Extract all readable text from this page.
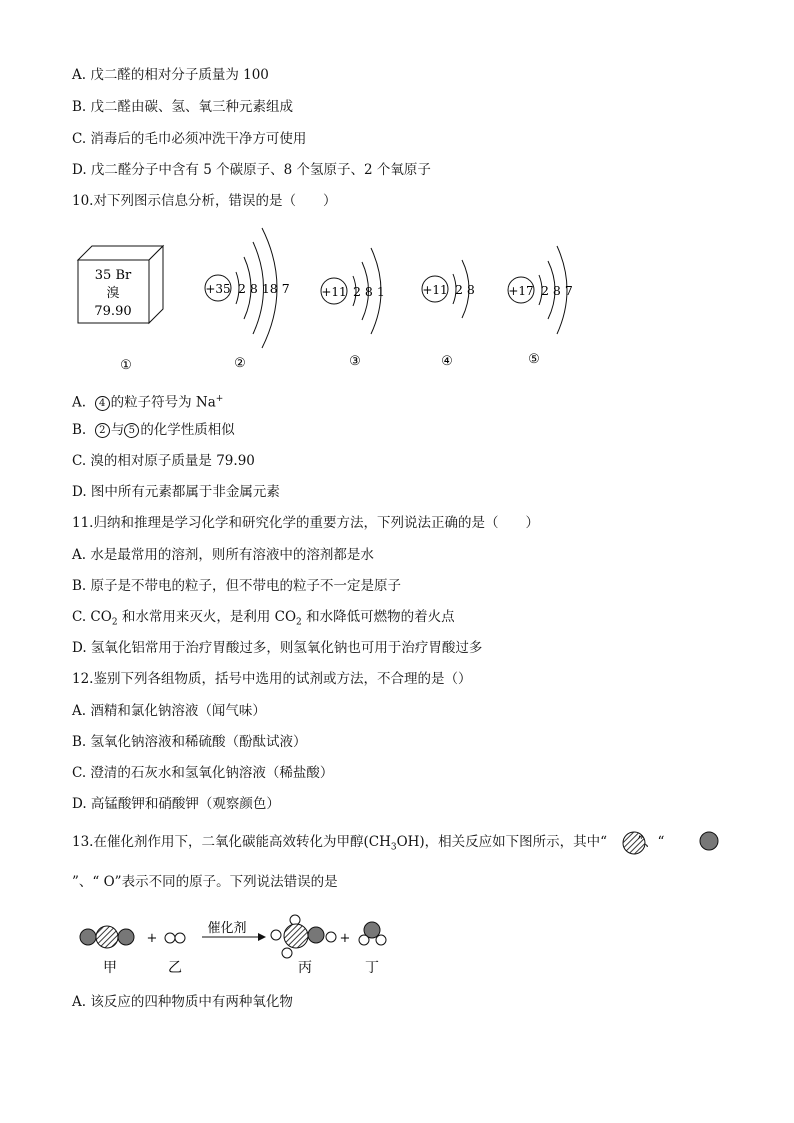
A. 戊二醛的相对分子质量为 100
B. 戊二醛由碳、氢、氧三种元素组成
C. 消毒后的毛巾必须冲洗干净方可使用
D. 戊二醛分子中含有 5 个碳原子、8 个氢原子、2 个氧原子
10.对下列图示信息分析，错误的是（　　）
35 Br
溴
79.90
①
+35 2 8 18 7
②
+11 2 8 1
③
+11 2 8
④
+17 2 8 7
⑤
+
催化剂
+
甲	乙	丙	丁
A. 4 的粒子符号为 Na+
B. 2 与 5 的化学性质相似
C. 溴的相对原子质量是 79.90
D. 图中所有元素都属于非金属元素
11.归纳和推理是学习化学和研究化学的重要方法，下列说法正确的是（　　）
A. 水是最常用的溶剂，则所有溶液中的溶剂都是水
B. 原子是不带电的粒子，但不带电的粒子不一定是原子
C. $CO_2$ 和水常用来灭火，是利用 $CO_2$ 和水降低可燃物的着火点
D. 氢氧化铝常用于治疗胃酸过多，则氢氧化钠也可用于治疗胃酸过多
12.鉴别下列各组物质，括号中选用的试剂或方法，不合理的是（）
A. 酒精和氯化钠溶液（闻气味）
B. 氢氧化钠溶液和稀硫酸（酚酞试液）
C. 澄清的石灰水和氢氧化钠溶液（稀盐酸）
D. 高锰酸钾和硝酸钾（观察颜色）
13.在催化剂作用下，二氧化碳能高效转化为甲醇$(CH_3OH)$，相关反应如下图所示，其中“ ”、“
”、“ O”表示不同的原子。下列说法错误的是
A. 该反应的四种物质中有两种氧化物
